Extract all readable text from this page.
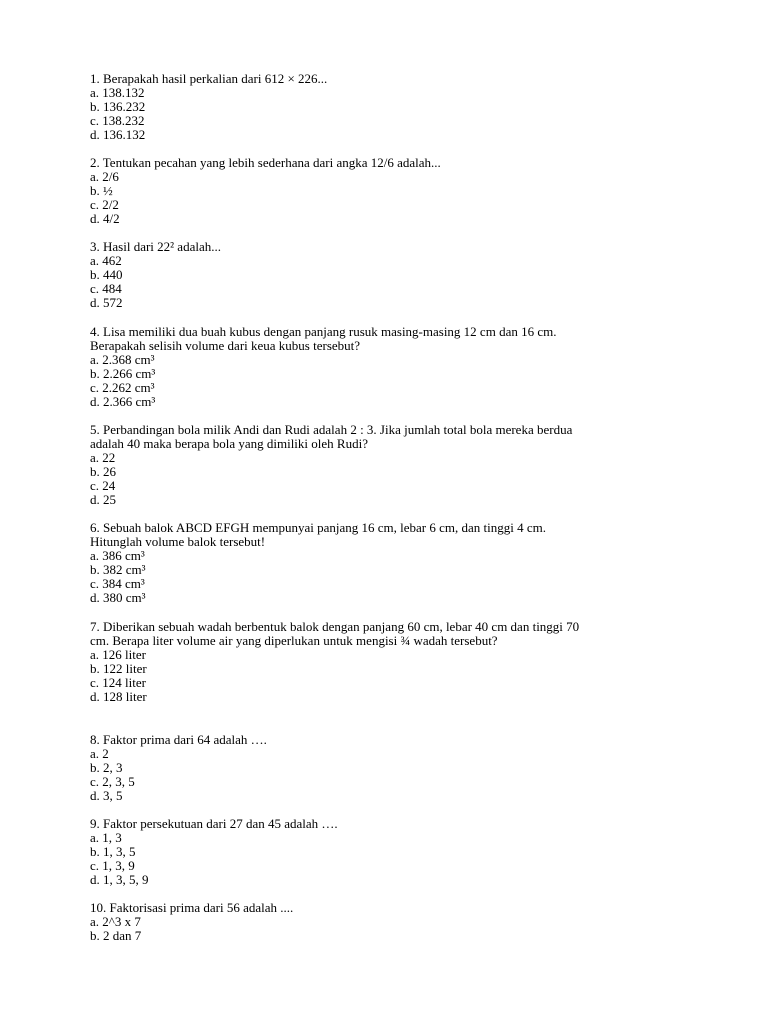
1. Berapakah hasil perkalian dari 612 × 226...
a. 138.132
b. 136.232
c. 138.232
d. 136.132
2. Tentukan pecahan yang lebih sederhana dari angka 12/6 adalah...
a. 2/6
b. ½
c. 2/2
d. 4/2
3. Hasil dari 22² adalah...
a. 462
b. 440
c. 484
d. 572
4. Lisa memiliki dua buah kubus dengan panjang rusuk masing-masing 12 cm dan 16 cm.
Berapakah selisih volume dari keua kubus tersebut?
a. 2.368 cm³
b. 2.266 cm³
c. 2.262 cm³
d. 2.366 cm³
5. Perbandingan bola milik Andi dan Rudi adalah 2 : 3. Jika jumlah total bola mereka berdua
adalah 40 maka berapa bola yang dimiliki oleh Rudi?
a. 22
b. 26
c. 24
d. 25
6. Sebuah balok ABCD EFGH mempunyai panjang 16 cm, lebar 6 cm, dan tinggi 4 cm.
Hitunglah volume balok tersebut!
a. 386 cm³
b. 382 cm³
c. 384 cm³
d. 380 cm³
7. Diberikan sebuah wadah berbentuk balok dengan panjang 60 cm, lebar 40 cm dan tinggi 70
cm. Berapa liter volume air yang diperlukan untuk mengisi ¾ wadah tersebut?
a. 126 liter
b. 122 liter
c. 124 liter
d. 128 liter
8. Faktor prima dari 64 adalah ….
a. 2
b. 2, 3
c. 2, 3, 5
d. 3, 5
9. Faktor persekutuan dari 27 dan 45 adalah ….
a. 1, 3
b. 1, 3, 5
c. 1, 3, 9
d. 1, 3, 5, 9
10. Faktorisasi prima dari 56 adalah ....
a. 2^3 x 7
b. 2 dan 7
